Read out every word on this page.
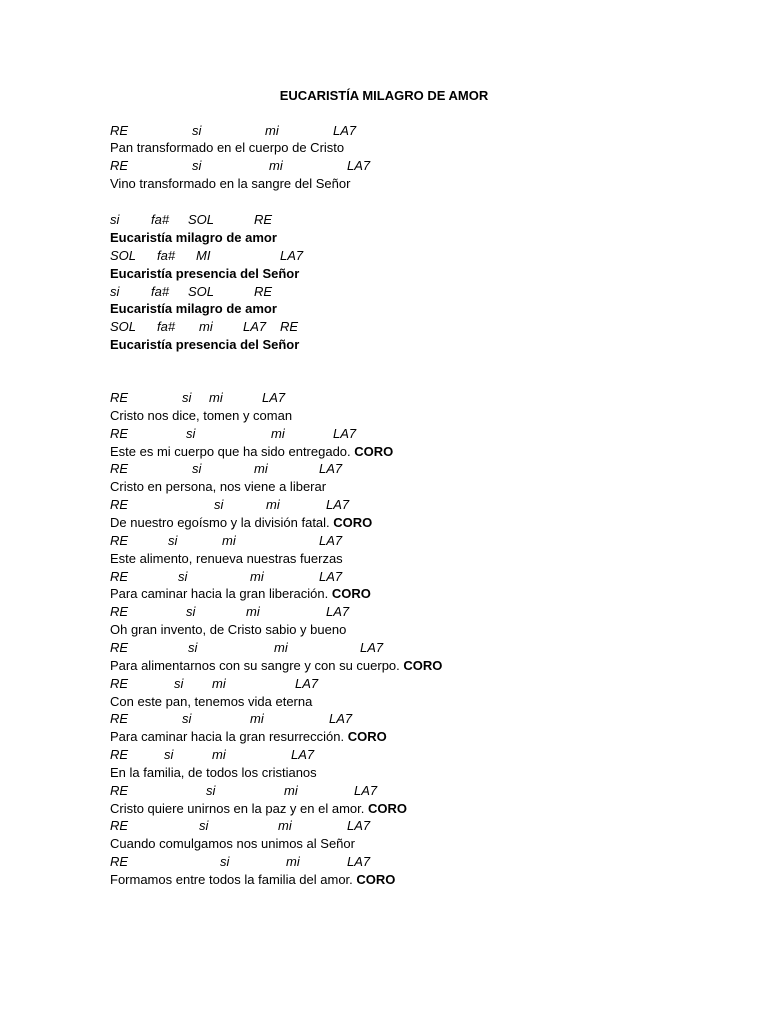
EUCARISTÍA MILAGRO DE AMOR

RE

	si

	mi

	LA7

Pan transformado en el cuerpo de Cristo

RE

	si

	mi

	LA7

Vino transformado en la sangre del Señor

si

fa#

SOL

	RE

Eucaristía milagro de amor

SOL

fa#

MI

	LA7

Eucaristía presencia del Señor

si

fa#

SOL

	RE

Eucaristía milagro de amor

SOL

fa#

mi

LA7

RE

Eucaristía presencia del Señor

RE

	si

mi

	LA7

Cristo nos dice, tomen y coman

RE

	si

	mi

	LA7

Este es mi cuerpo que ha sido entregado. CORO

RE

	si

	mi

	LA7

Cristo en persona, nos viene a liberar

RE

	si

	mi

	LA7

De nuestro egoísmo y la división fatal. CORO

RE

	si

	mi

	LA7

Este alimento, renueva nuestras fuerzas

RE

	si

	mi

	LA7

Para caminar hacia la gran liberación. CORO

RE

	si

	mi

	LA7

Oh gran invento, de Cristo sabio y bueno

RE

	si

	mi

	LA7

Para alimentarnos con su sangre y con su cuerpo. CORO

RE

	si

mi

	LA7

Con este pan, tenemos vida eterna

RE

	si

	mi

	LA7

Para caminar hacia la gran resurrección. CORO

RE

	si

	mi

	LA7

En la familia, de todos los cristianos

RE

	si

	mi

	LA7

Cristo quiere unirnos en la paz y en el amor. CORO

RE

	si

	mi

	LA7

Cuando comulgamos nos unimos al Señor

RE

	si

	mi

	LA7

Formamos entre todos la familia del amor. CORO
